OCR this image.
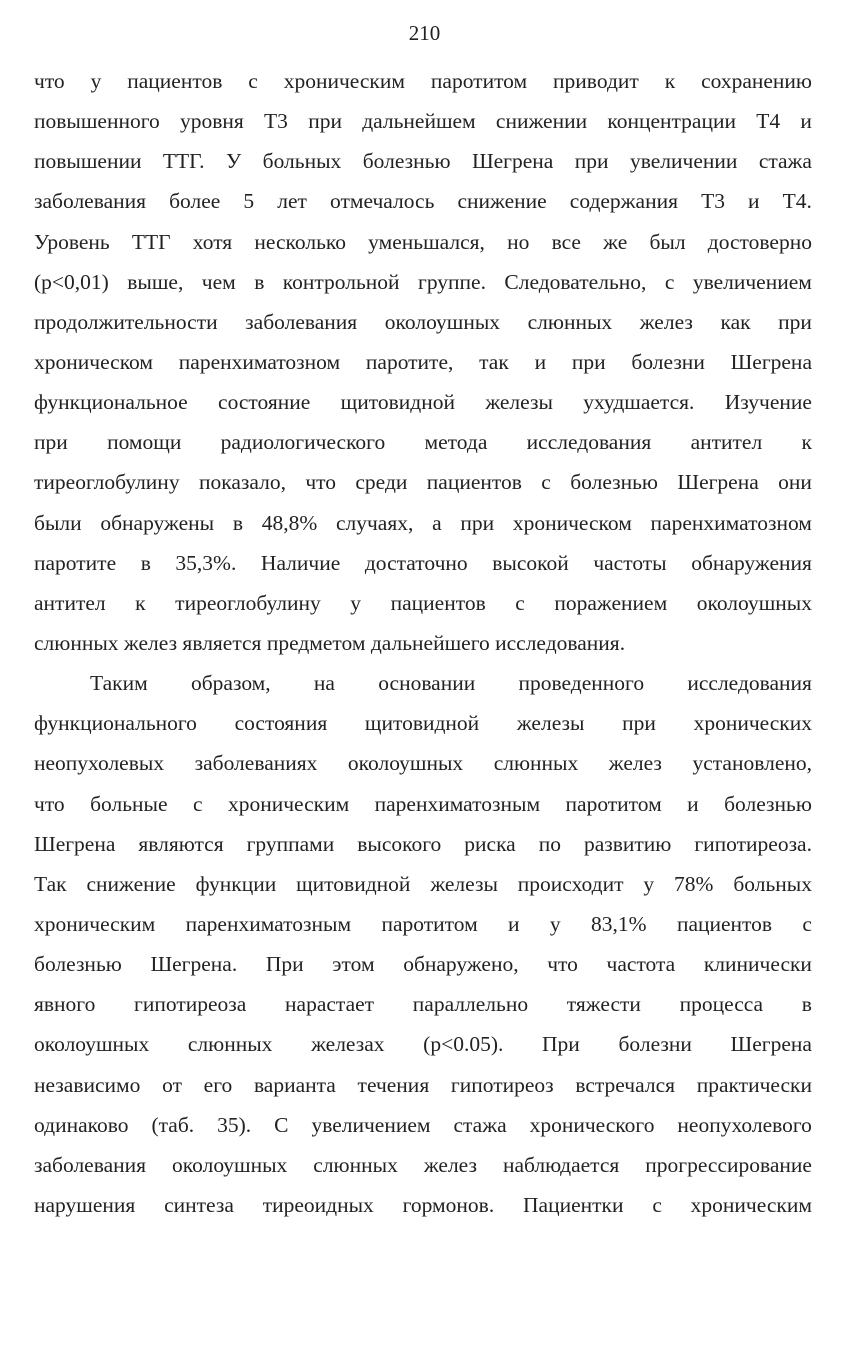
210
что у пациентов с хроническим паротитом приводит к сохранению
повышенного уровня Т3 при дальнейшем снижении концентрации Т4 и
повышении ТТГ. У больных болезнью Шегрена при увеличении стажа
заболевания более 5 лет отмечалось снижение содержания Т3 и Т4.
Уровень ТТГ хотя несколько уменьшался, но все же был достоверно
(р<0,01) выше, чем в контрольной группе. Следовательно, с увеличением
продолжительности заболевания околоушных слюнных желез как при
хроническом паренхиматозном паротите, так и при болезни Шегрена
функциональное состояние щитовидной железы ухудшается. Изучение
при помощи радиологического метода исследования антител к
тиреоглобулину показало, что среди пациентов с болезнью Шегрена они
были обнаружены в 48,8% случаях, а при хроническом паренхиматозном
паротите в 35,3%. Наличие достаточно высокой частоты обнаружения
антител к тиреоглобулину у пациентов с поражением околоушных
слюнных желез является предметом дальнейшего исследования.
Таким образом, на основании проведенного исследования
функционального состояния щитовидной железы при хронических
неопухолевых заболеваниях околоушных слюнных желез установлено,
что больные с хроническим паренхиматозным паротитом и болезнью
Шегрена являются группами высокого риска по развитию гипотиреоза.
Так снижение функции щитовидной железы происходит у 78% больных
хроническим паренхиматозным паротитом и у 83,1% пациентов с
болезнью Шегрена. При этом обнаружено, что частота клинически
явного гипотиреоза нарастает параллельно тяжести процесса в
околоушных слюнных железах (р<0.05). При болезни Шегрена
независимо от его варианта течения гипотиреоз встречался практически
одинаково (таб. 35). С увеличением стажа хронического неопухолевого
заболевания околоушных слюнных желез наблюдается прогрессирование
нарушения синтеза тиреоидных гормонов. Пациентки с хроническим
